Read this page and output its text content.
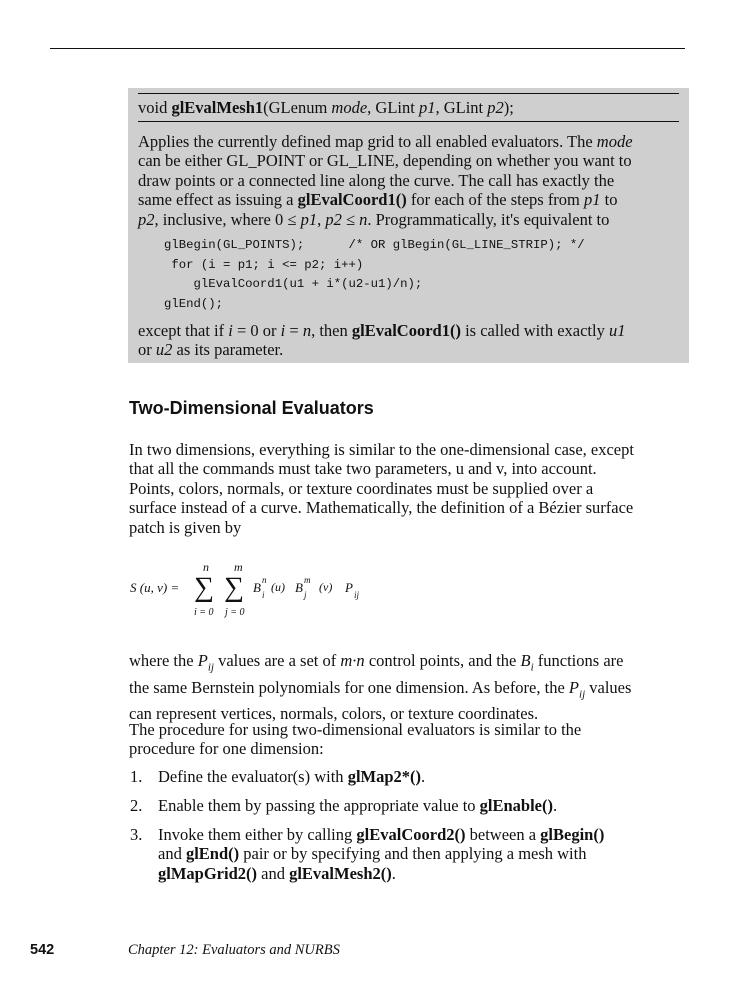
void glEvalMesh1(GLenum mode, GLint p1, GLint p2);
Applies the currently defined map grid to all enabled evaluators. The mode
can be either GL_POINT or GL_LINE, depending on whether you want to
draw points or a connected line along the curve. The call has exactly the
same effect as issuing a glEvalCoord1() for each of the steps from p1 to
p2, inclusive, where 0 ≤ p1, p2 ≤ n. Programmatically, it's equivalent to
glBegin(GL_POINTS);      /* OR glBegin(GL_LINE_STRIP); */
for (i = p1; i <= p2; i++)
glEvalCoord1(u1 + i*(u2-u1)/n);
glEnd();
except that if i = 0 or i = n, then glEvalCoord1() is called with exactly u1
or u2 as its parameter.
Two-Dimensional Evaluators
In two dimensions, everything is similar to the one-dimensional case, except
that all the commands must take two parameters, u and v, into account.
Points, colors, normals, or texture coordinates must be supplied over a
surface instead of a curve. Mathematically, the definition of a Bézier surface
patch is given by
S (u, v) =
n m
∑ ∑
i = 0 j = 0
B n
i
(u) B m
j
(v) P ij
where the $P_{ij}$ values are a set of m·n control points, and the $B_i$ functions are
the same Bernstein polynomials for one dimension. As before, the $P_{ij}$ values
can represent vertices, normals, colors, or texture coordinates.
The procedure for using two-dimensional evaluators is similar to the
procedure for one dimension:
1. Define the evaluator(s) with glMap2*().
2. Enable them by passing the appropriate value to glEnable().
3. Invoke them either by calling glEvalCoord2() between a glBegin()
and glEnd() pair or by specifying and then applying a mesh with
glMapGrid2() and glEvalMesh2().
542	Chapter 12: Evaluators and NURBS
